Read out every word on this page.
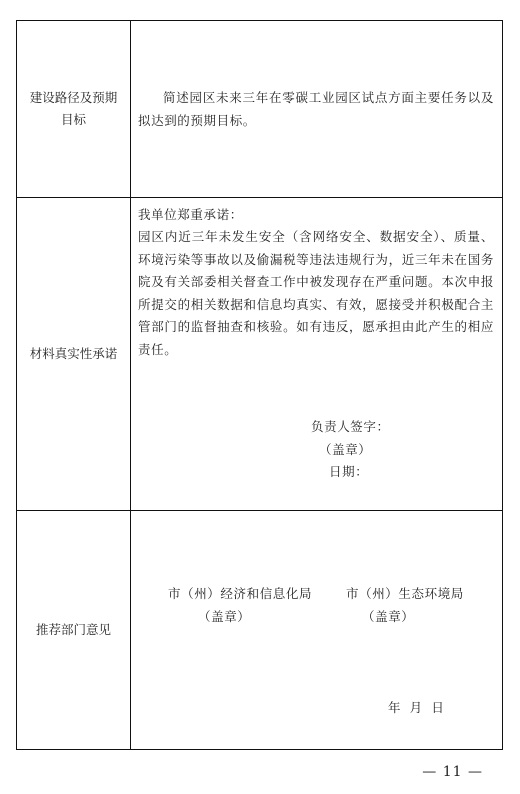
建设路径及预期目标
简述园区未来三年在零碳工业园区试点方面主要任务以及拟达到的预期目标。
材料真实性承诺
我单位郑重承诺：
园区内近三年未发生安全（含网络安全、数据安全）、质量、环境污染等事故以及偷漏税等违法违规行为，近三年未在国务院及有关部委相关督查工作中被发现存在严重问题。本次申报所提交的相关数据和信息均真实、有效，愿接受并积极配合主管部门的监督抽查和核验。如有违反，愿承担由此产生的相应责任。
负责人签字：
（盖章）
日期：
推荐部门意见
市（州）经济和信息化局
（盖章）
市（州）生态环境局
（盖章）
年 月 日
— 11 —
